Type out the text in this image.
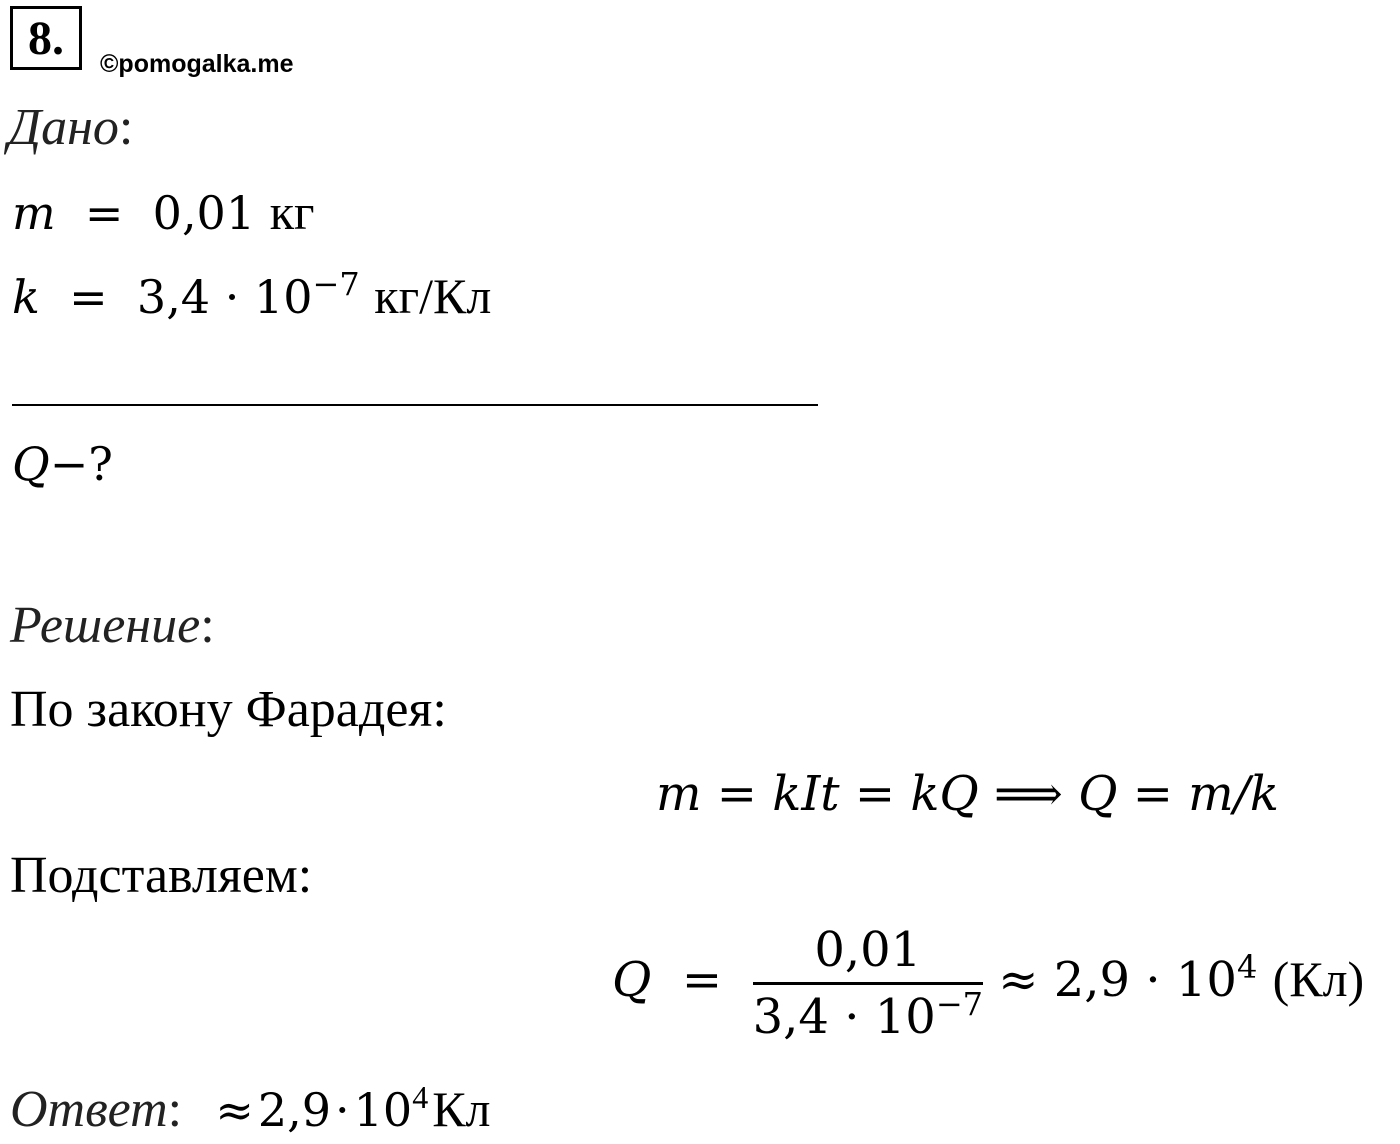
8.	©pomogalka.me
Дано:
m  =  0,01 кг
$k = 3,4 \cdot 10^{-7}$ кг/Кл
Q−?
Решение:
По закону Фарадея:
m = kIt = kQ ⟹ Q = m/k
Подставляем:
$Q = \frac{0,01}{3,4 \cdot 10^{-7}} \approx 2,9 \cdot 10^4$ (Кл)
Ответ:   ≈ $2,9 \cdot 10^4$ Кл
